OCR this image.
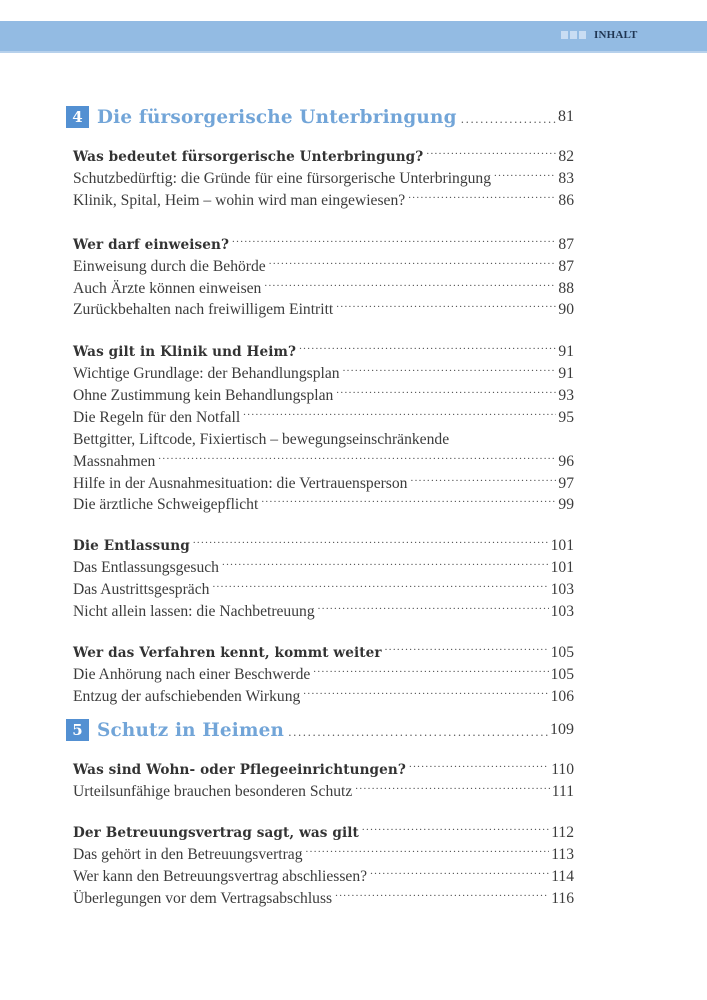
INHALT
4 Die fürsorgerische Unterbringung .....	81
Was bedeutet fürsorgerische Unterbringung? .....	82
Schutzbedürftig: die Gründe für eine fürsorgerische Unterbringung .....	83
Klinik, Spital, Heim – wohin wird man eingewiesen? .....	86
Wer darf einweisen? .....	87
Einweisung durch die Behörde .....	87
Auch Ärzte können einweisen .....	88
Zurückbehalten nach freiwilligem Eintritt .....	90
Was gilt in Klinik und Heim? .....	91
Wichtige Grundlage: der Behandlungsplan .....	91
Ohne Zustimmung kein Behandlungsplan .....	93
Die Regeln für den Notfall .....	95
Bettgitter, Liftcode, Fixiertisch – bewegungseinschränkende
Massnahmen .....	96
Hilfe in der Ausnahmesituation: die Vertrauensperson .....	97
Die ärztliche Schweigepflicht .....	99
Die Entlassung .....	101
Das Entlassungsgesuch .....	101
Das Austrittsgespräch .....	103
Nicht allein lassen: die Nachbetreuung .....	103
Wer das Verfahren kennt, kommt weiter .....	105
Die Anhörung nach einer Beschwerde .....	105
Entzug der aufschiebenden Wirkung .....	106
5 Schutz in Heimen .....	109
Was sind Wohn- oder Pflegeeinrichtungen? .....	110
Urteilsunfähige brauchen besonderen Schutz .....	111
Der Betreuungsvertrag sagt, was gilt .....	112
Das gehört in den Betreuungsvertrag .....	113
Wer kann den Betreuungsvertrag abschliessen? .....	114
Überlegungen vor dem Vertragsabschluss .....	116
